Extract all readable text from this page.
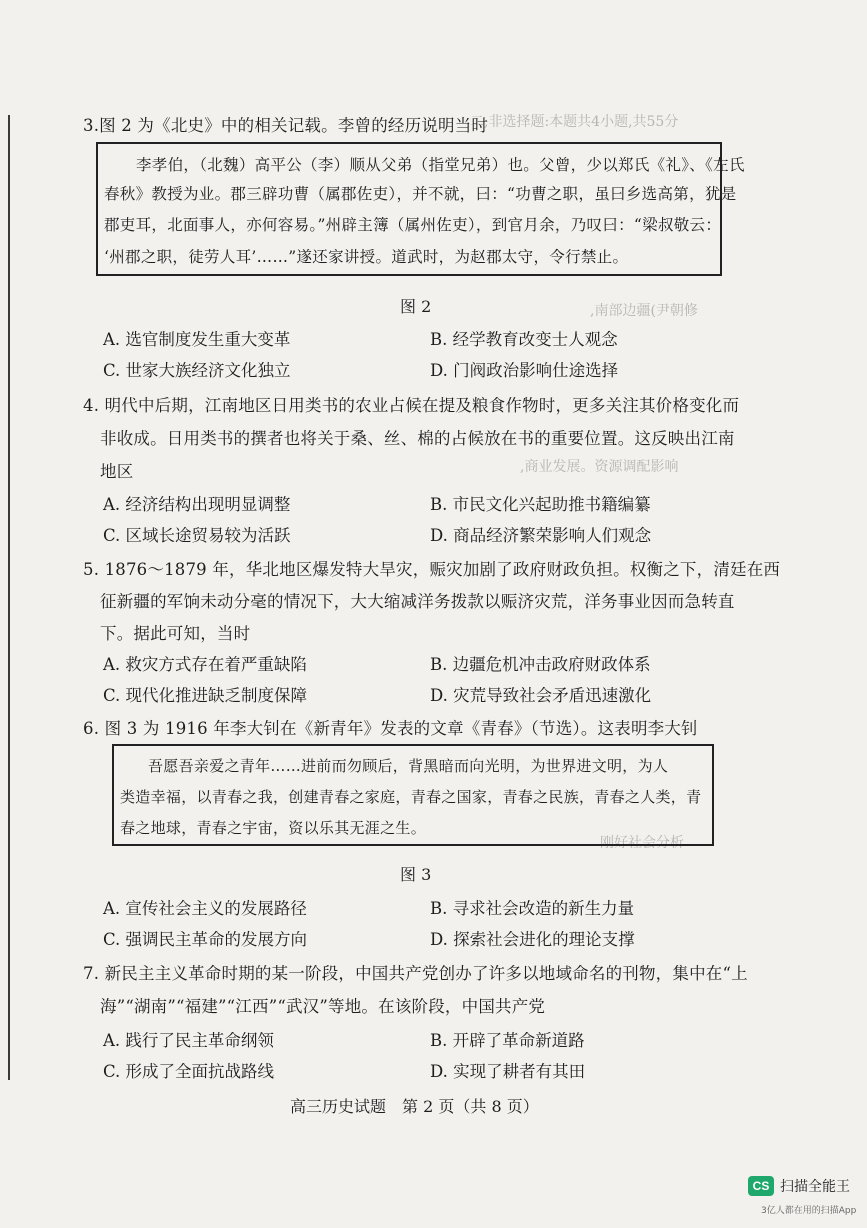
二,非选择题:本题共4小题,共55分
,南部边疆(尹朝修
,商业发展。资源调配影响
刚好社会分析
3.图 2 为《北史》中的相关记载。李曾的经历说明当时
李孝伯，（北魏）高平公（李）顺从父弟（指堂兄弟）也。父曾，少以郑氏《礼》、《左氏
春秋》教授为业。郡三辟功曹（属郡佐吏），并不就，曰：“功曹之职，虽曰乡选高第，犹是
郡吏耳，北面事人，亦何容易。”州辟主簿（属州佐吏），到官月余，乃叹曰：“梁叔敬云：
‘州郡之职，徒劳人耳’……”遂还家讲授。道武时，为赵郡太守，令行禁止。
图 2
A. 选官制度发生重大变革	B. 经学教育改变士人观念
C. 世家大族经济文化独立	D. 门阀政治影响仕途选择
4. 明代中后期，江南地区日用类书的农业占候在提及粮食作物时，更多关注其价格变化而
非收成。日用类书的撰者也将关于桑、丝、棉的占候放在书的重要位置。这反映出江南
地区
A. 经济结构出现明显调整	B. 市民文化兴起助推书籍编纂
C. 区域长途贸易较为活跃	D. 商品经济繁荣影响人们观念
5. 1876～1879 年，华北地区爆发特大旱灾，赈灾加剧了政府财政负担。权衡之下，清廷在西
征新疆的军饷未动分毫的情况下，大大缩减洋务拨款以赈济灾荒，洋务事业因而急转直
下。据此可知，当时
A. 救灾方式存在着严重缺陷	B. 边疆危机冲击政府财政体系
C. 现代化推进缺乏制度保障	D. 灾荒导致社会矛盾迅速激化
6. 图 3 为 1916 年李大钊在《新青年》发表的文章《青春》（节选）。这表明李大钊
吾愿吾亲爱之青年……进前而勿顾后，背黑暗而向光明，为世界进文明，为人
类造幸福，以青春之我，创建青春之家庭，青春之国家，青春之民族，青春之人类，青
春之地球，青春之宇宙，资以乐其无涯之生。
图 3
A. 宣传社会主义的发展路径	B. 寻求社会改造的新生力量
C. 强调民主革命的发展方向	D. 探索社会进化的理论支撑
7. 新民主主义革命时期的某一阶段，中国共产党创办了许多以地域命名的刊物，集中在“上
海”“湖南”“福建”“江西”“武汉”等地。在该阶段，中国共产党
A. 践行了民主革命纲领	B. 开辟了革命新道路
C. 形成了全面抗战路线	D. 实现了耕者有其田
高三历史试题　第 2 页（共 8 页）
CS 扫描全能王
3亿人都在用的扫描App
